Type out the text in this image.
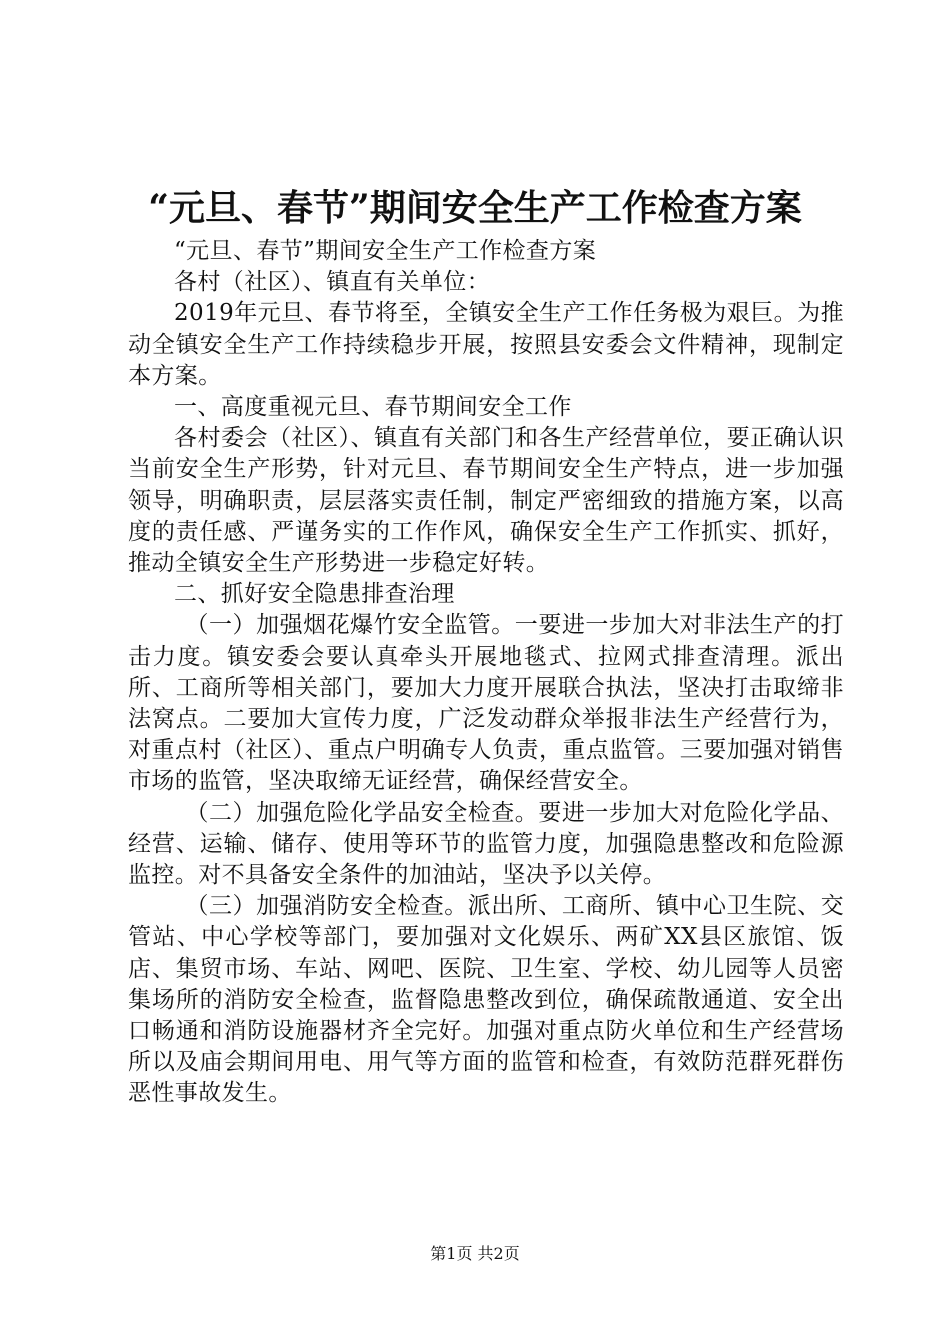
“元旦、春节”期间安全生产工作检查方案

“元旦、春节”期间安全生产工作检查方案

各村（社区）、镇直有关单位：

2019年元旦、春节将至，全镇安全生产工作任务极为艰巨。为推动全镇安全生产工作持续稳步开展，按照县安委会文件精神，现制定本方案。

一、高度重视元旦、春节期间安全工作

各村委会（社区）、镇直有关部门和各生产经营单位，要正确认识当前安全生产形势，针对元旦、春节期间安全生产特点，进一步加强领导，明确职责，层层落实责任制，制定严密细致的措施方案，以高度的责任感、严谨务实的工作作风，确保安全生产工作抓实、抓好，推动全镇安全生产形势进一步稳定好转。

二、抓好安全隐患排查治理

（一）加强烟花爆竹安全监管。一要进一步加大对非法生产的打击力度。镇安委会要认真牵头开展地毯式、拉网式排查清理。派出所、工商所等相关部门，要加大力度开展联合执法，坚决打击取缔非法窝点。二要加大宣传力度，广泛发动群众举报非法生产经营行为，对重点村（社区）、重点户明确专人负责，重点监管。三要加强对销售市场的监管，坚决取缔无证经营，确保经营安全。

（二）加强危险化学品安全检查。要进一步加大对危险化学品、经营、运输、储存、使用等环节的监管力度，加强隐患整改和危险源监控。对不具备安全条件的加油站，坚决予以关停。

（三）加强消防安全检查。派出所、工商所、镇中心卫生院、交管站、中心学校等部门，要加强对文化娱乐、两矿XX县区旅馆、饭店、集贸市场、车站、网吧、医院、卫生室、学校、幼儿园等人员密集场所的消防安全检查，监督隐患整改到位，确保疏散通道、安全出口畅通和消防设施器材齐全完好。加强对重点防火单位和生产经营场所以及庙会期间用电、用气等方面的监管和检查，有效防范群死群伤恶性事故发生。

第1页 共2页
